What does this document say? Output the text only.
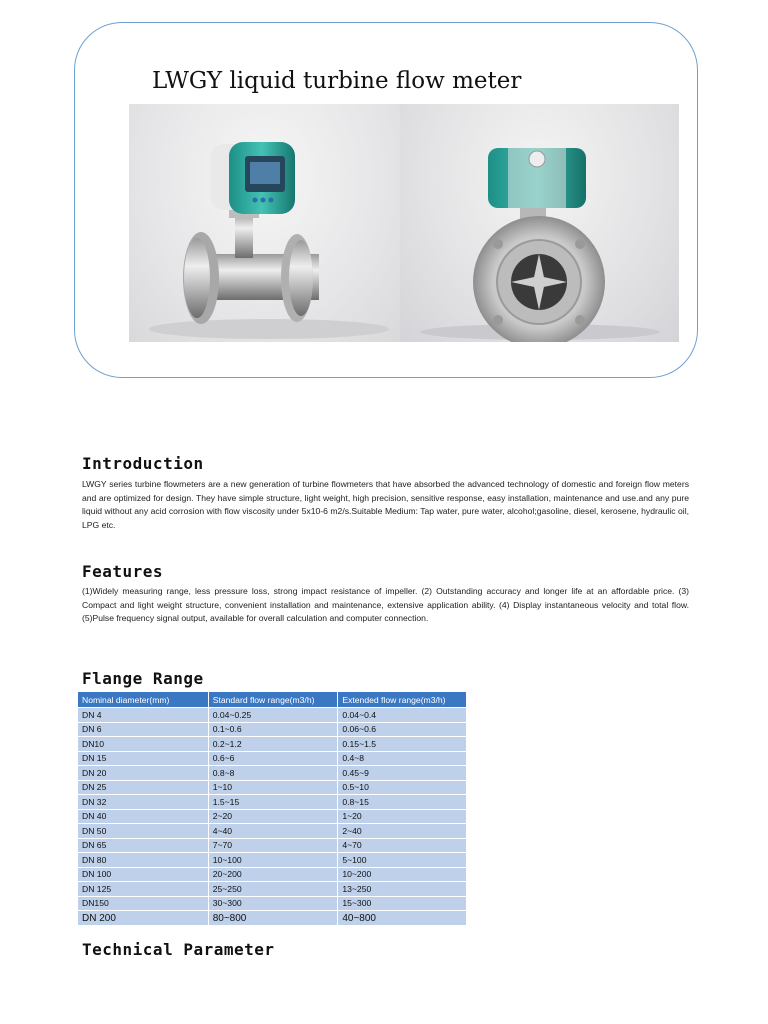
LWGY liquid turbine flow meter
Introduction

LWGY series turbine flowmeters are a new generation of turbine flowmeters that have absorbed the advanced technology of domestic and foreign flow meters and are optimized for design. They have simple structure, light weight, high precision, sensitive response, easy installation, maintenance and use.and any pure liquid without any acid corrosion with flow viscosity under 5x10-6 m2/s.Suitable Medium: Tap water, pure water, alcohol;gasoline, diesel, kerosene, hydraulic oil, LPG etc.

Features

(1)Widely measuring range, less pressure loss, strong impact resistance of impeller. (2) Outstanding accuracy and longer life at an affordable price. (3) Compact and light weight structure, convenient installation and maintenance, extensive application ability. (4) Display instantaneous velocity and total flow. (5)Pulse frequency signal output, available for overall calculation and computer connection.

Flange Range
Nominal diameter(mm)	Standard flow range(m3/h)	Extended flow range(m3/h)
DN 4	0.04~0.25	0.04~0.4
DN 6	0.1~0.6	0.06~0.6
DN10	0.2~1.2	0.15~1.5
DN 15	0.6~6	0.4~8
DN 20	0.8~8	0.45~9
DN 25	1~10	0.5~10
DN 32	1.5~15	0.8~15
DN 40	2~20	1~20
DN 50	4~40	2~40
DN 65	7~70	4~70
DN 80	10~100	5~100
DN 100	20~200	10~200
DN 125	25~250	13~250
DN150	30~300	15~300
DN 200	80~800	40~800
Technical Parameter
